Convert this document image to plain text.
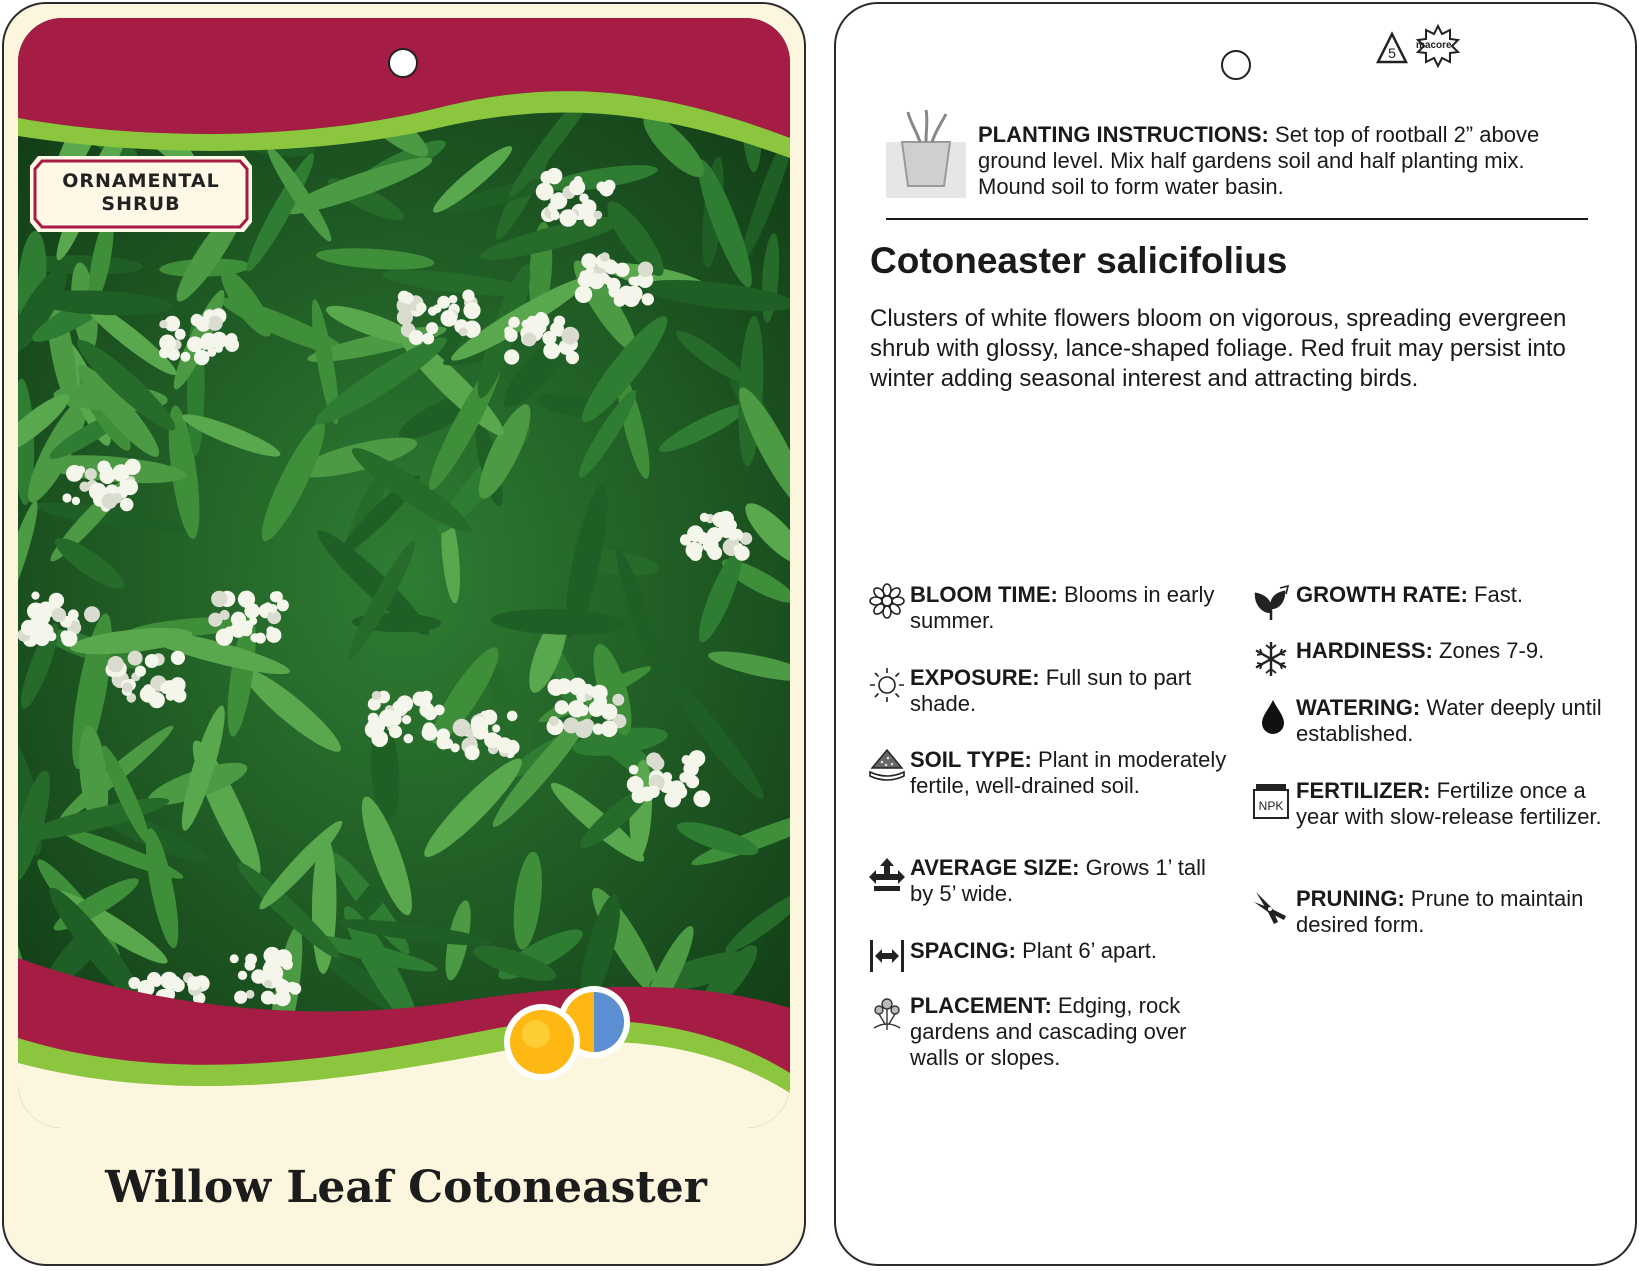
ORNAMENTAL
SHRUB
Willow Leaf Cotoneaster
5 macore
PLANTING INSTRUCTIONS: Set top of rootball 2” above ground level. Mix half gardens soil and half planting mix. Mound soil to form water basin.
Cotoneaster salicifolius
Clusters of white flowers bloom on vigorous, spreading evergreen shrub with glossy, lance-shaped foliage. Red fruit may persist into winter adding seasonal interest and attracting birds.
BLOOM TIME: Blooms in early summer.
EXPOSURE: Full sun to part shade.
SOIL TYPE: Plant in moderately fertile, well-drained soil.
AVERAGE SIZE: Grows 1’ tall by 5’ wide.
SPACING: Plant 6’ apart.
PLACEMENT: Edging, rock gardens and cascading over walls or slopes.
GROWTH RATE: Fast.
HARDINESS: Zones 7-9.
WATERING: Water deeply until established.
NPK
FERTILIZER: Fertilize once a year with slow-release fertilizer.
PRUNING: Prune to maintain desired form.
